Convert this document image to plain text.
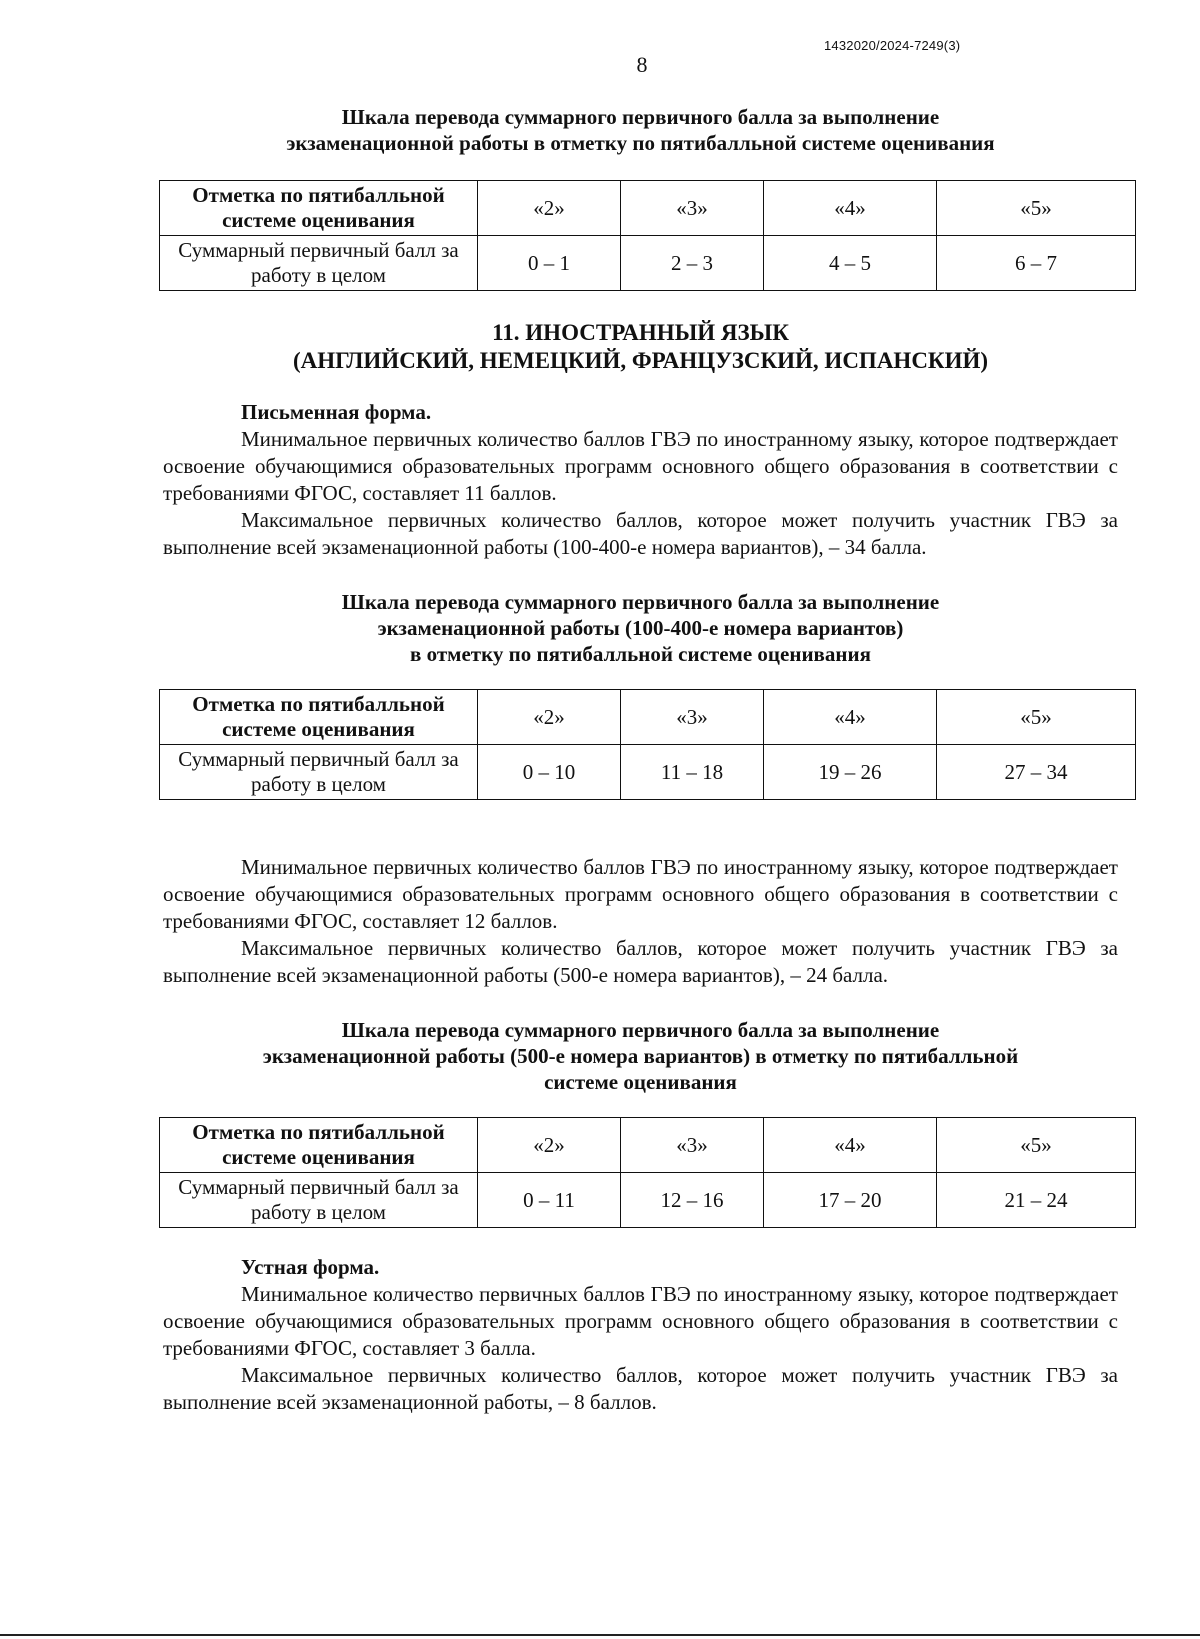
1432020/2024-7249(3)
8

Шкала перевода суммарного первичного балла за выполнение

экзаменационной работы в отметку по пятибалльной системе оценивания

Отметка по пятибалльной системе оценивания	«2»	«3»	«4»	«5»
Суммарный первичный балл за работу в целом	0 – 1	2 – 3	4 – 5	6 – 7

11. ИНОСТРАННЫЙ ЯЗЫК

(АНГЛИЙСКИЙ, НЕМЕЦКИЙ, ФРАНЦУЗСКИЙ, ИСПАНСКИЙ)

Письменная форма.

Минимальное первичных количество баллов ГВЭ по иностранному языку, которое подтверждает освоение обучающимися образовательных программ основного общего образования в соответствии с требованиями ФГОС, составляет 11 баллов.

Максимальное первичных количество баллов, которое может получить участник ГВЭ за выполнение всей экзаменационной работы (100-400-е номера вариантов), – 34 балла.

Шкала перевода суммарного первичного балла за выполнение

экзаменационной работы (100-400-е номера вариантов)

в отметку по пятибалльной системе оценивания

Отметка по пятибалльной системе оценивания	«2»	«3»	«4»	«5»
Суммарный первичный балл за работу в целом	0 – 10	11 – 18	19 – 26	27 – 34

Минимальное первичных количество баллов ГВЭ по иностранному языку, которое подтверждает освоение обучающимися образовательных программ основного общего образования в соответствии с требованиями ФГОС, составляет 12 баллов.

Максимальное первичных количество баллов, которое может получить участник ГВЭ за выполнение всей экзаменационной работы (500-е номера вариантов), – 24 балла.

Шкала перевода суммарного первичного балла за выполнение

экзаменационной работы (500-е номера вариантов) в отметку по пятибалльной

системе оценивания

Отметка по пятибалльной системе оценивания	«2»	«3»	«4»	«5»
Суммарный первичный балл за работу в целом	0 – 11	12 – 16	17 – 20	21 – 24

Устная форма.

Минимальное количество первичных баллов ГВЭ по иностранному языку, которое подтверждает освоение обучающимися образовательных программ основного общего образования в соответствии с требованиями ФГОС, составляет 3 балла.

Максимальное первичных количество баллов, которое может получить участник ГВЭ за выполнение всей экзаменационной работы, – 8 баллов.
